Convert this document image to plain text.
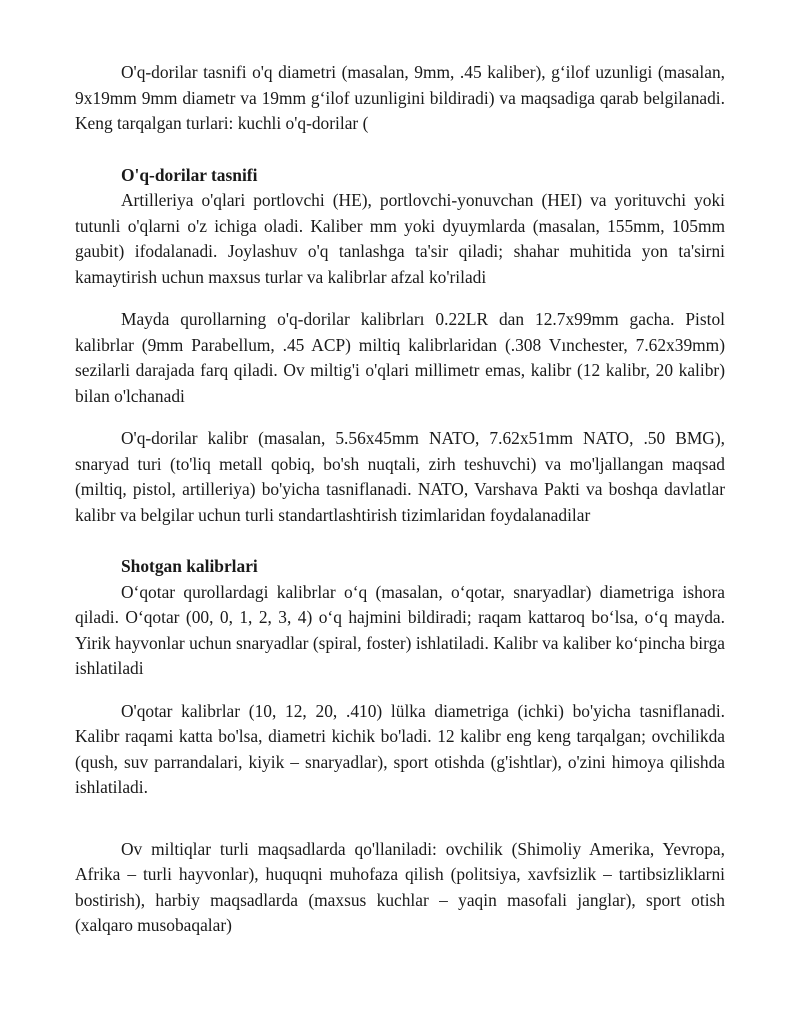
O'q-dorilar tasnifi o'q diametri (masalan, 9mm, .45 kaliber), g‘ilof uzunligi (masalan, 9x19mm 9mm diametr va 19mm g‘ilof uzunligini bildiradi) va maqsadiga qarab belgilanadi. Keng tarqalgan turlari: kuchli o'q-dorilar (

O'q-dorilar tasnifi

Artilleriya o'qlari portlovchi (HE), portlovchi-yonuvchan (HEI) va yorituvchi yoki tutunli o'qlarni o'z ichiga oladi. Kaliber mm yoki dyuymlarda (masalan, 155mm, 105mm gaubit) ifodalanadi. Joylashuv o'q tanlashga ta'sir qiladi; shahar muhitida yon ta'sirni kamaytirish uchun maxsus turlar va kalibrlar afzal ko'riladi

Mayda qurollarning o'q-dorilar kalibrları 0.22LR dan 12.7x99mm gacha. Pistol kalibrlar (9mm Parabellum, .45 ACP) miltiq kalibrlaridan (.308 Vınchester, 7.62x39mm) sezilarli darajada farq qiladi. Ov miltig'i o'qlari millimetr emas, kalibr (12 kalibr, 20 kalibr) bilan o'lchanadi

O'q-dorilar kalibr (masalan, 5.56x45mm NATO, 7.62x51mm NATO, .50 BMG), snaryad turi (to'liq metall qobiq, bo'sh nuqtali, zirh teshuvchi) va mo'ljallangan maqsad (miltiq, pistol, artilleriya) bo'yicha tasniflanadi. NATO, Varshava Pakti va boshqa davlatlar kalibr va belgilar uchun turli standartlashtirish tizimlaridan foydalanadilar

Shotgan kalibrlari

O‘qotar qurollardagi kalibrlar o‘q (masalan, o‘qotar, snaryadlar) diametriga ishora qiladi. O‘qotar (00, 0, 1, 2, 3, 4) o‘q hajmini bildiradi; raqam kattaroq bo‘lsa, o‘q mayda. Yirik hayvonlar uchun snaryadlar (spiral, foster) ishlatiladi. Kalibr va kaliber ko‘pincha birga ishlatiladi

O'qotar kalibrlar (10, 12, 20, .410) lülka diametriga (ichki) bo'yicha tasniflanadi. Kalibr raqami katta bo'lsa, diametri kichik bo'ladi. 12 kalibr eng keng tarqalgan; ovchilikda (qush, suv parrandalari, kiyik – snaryadlar), sport otishda (g'ishtlar), o'zini himoya qilishda ishlatiladi.

Ov miltiqlar turli maqsadlarda qo'llaniladi: ovchilik (Shimoliy Amerika, Yevropa, Afrika – turli hayvonlar), huquqni muhofaza qilish (politsiya, xavfsizlik – tartibsizliklarni bostirish), harbiy maqsadlarda (maxsus kuchlar – yaqin masofali janglar), sport otish (xalqaro musobaqalar)
